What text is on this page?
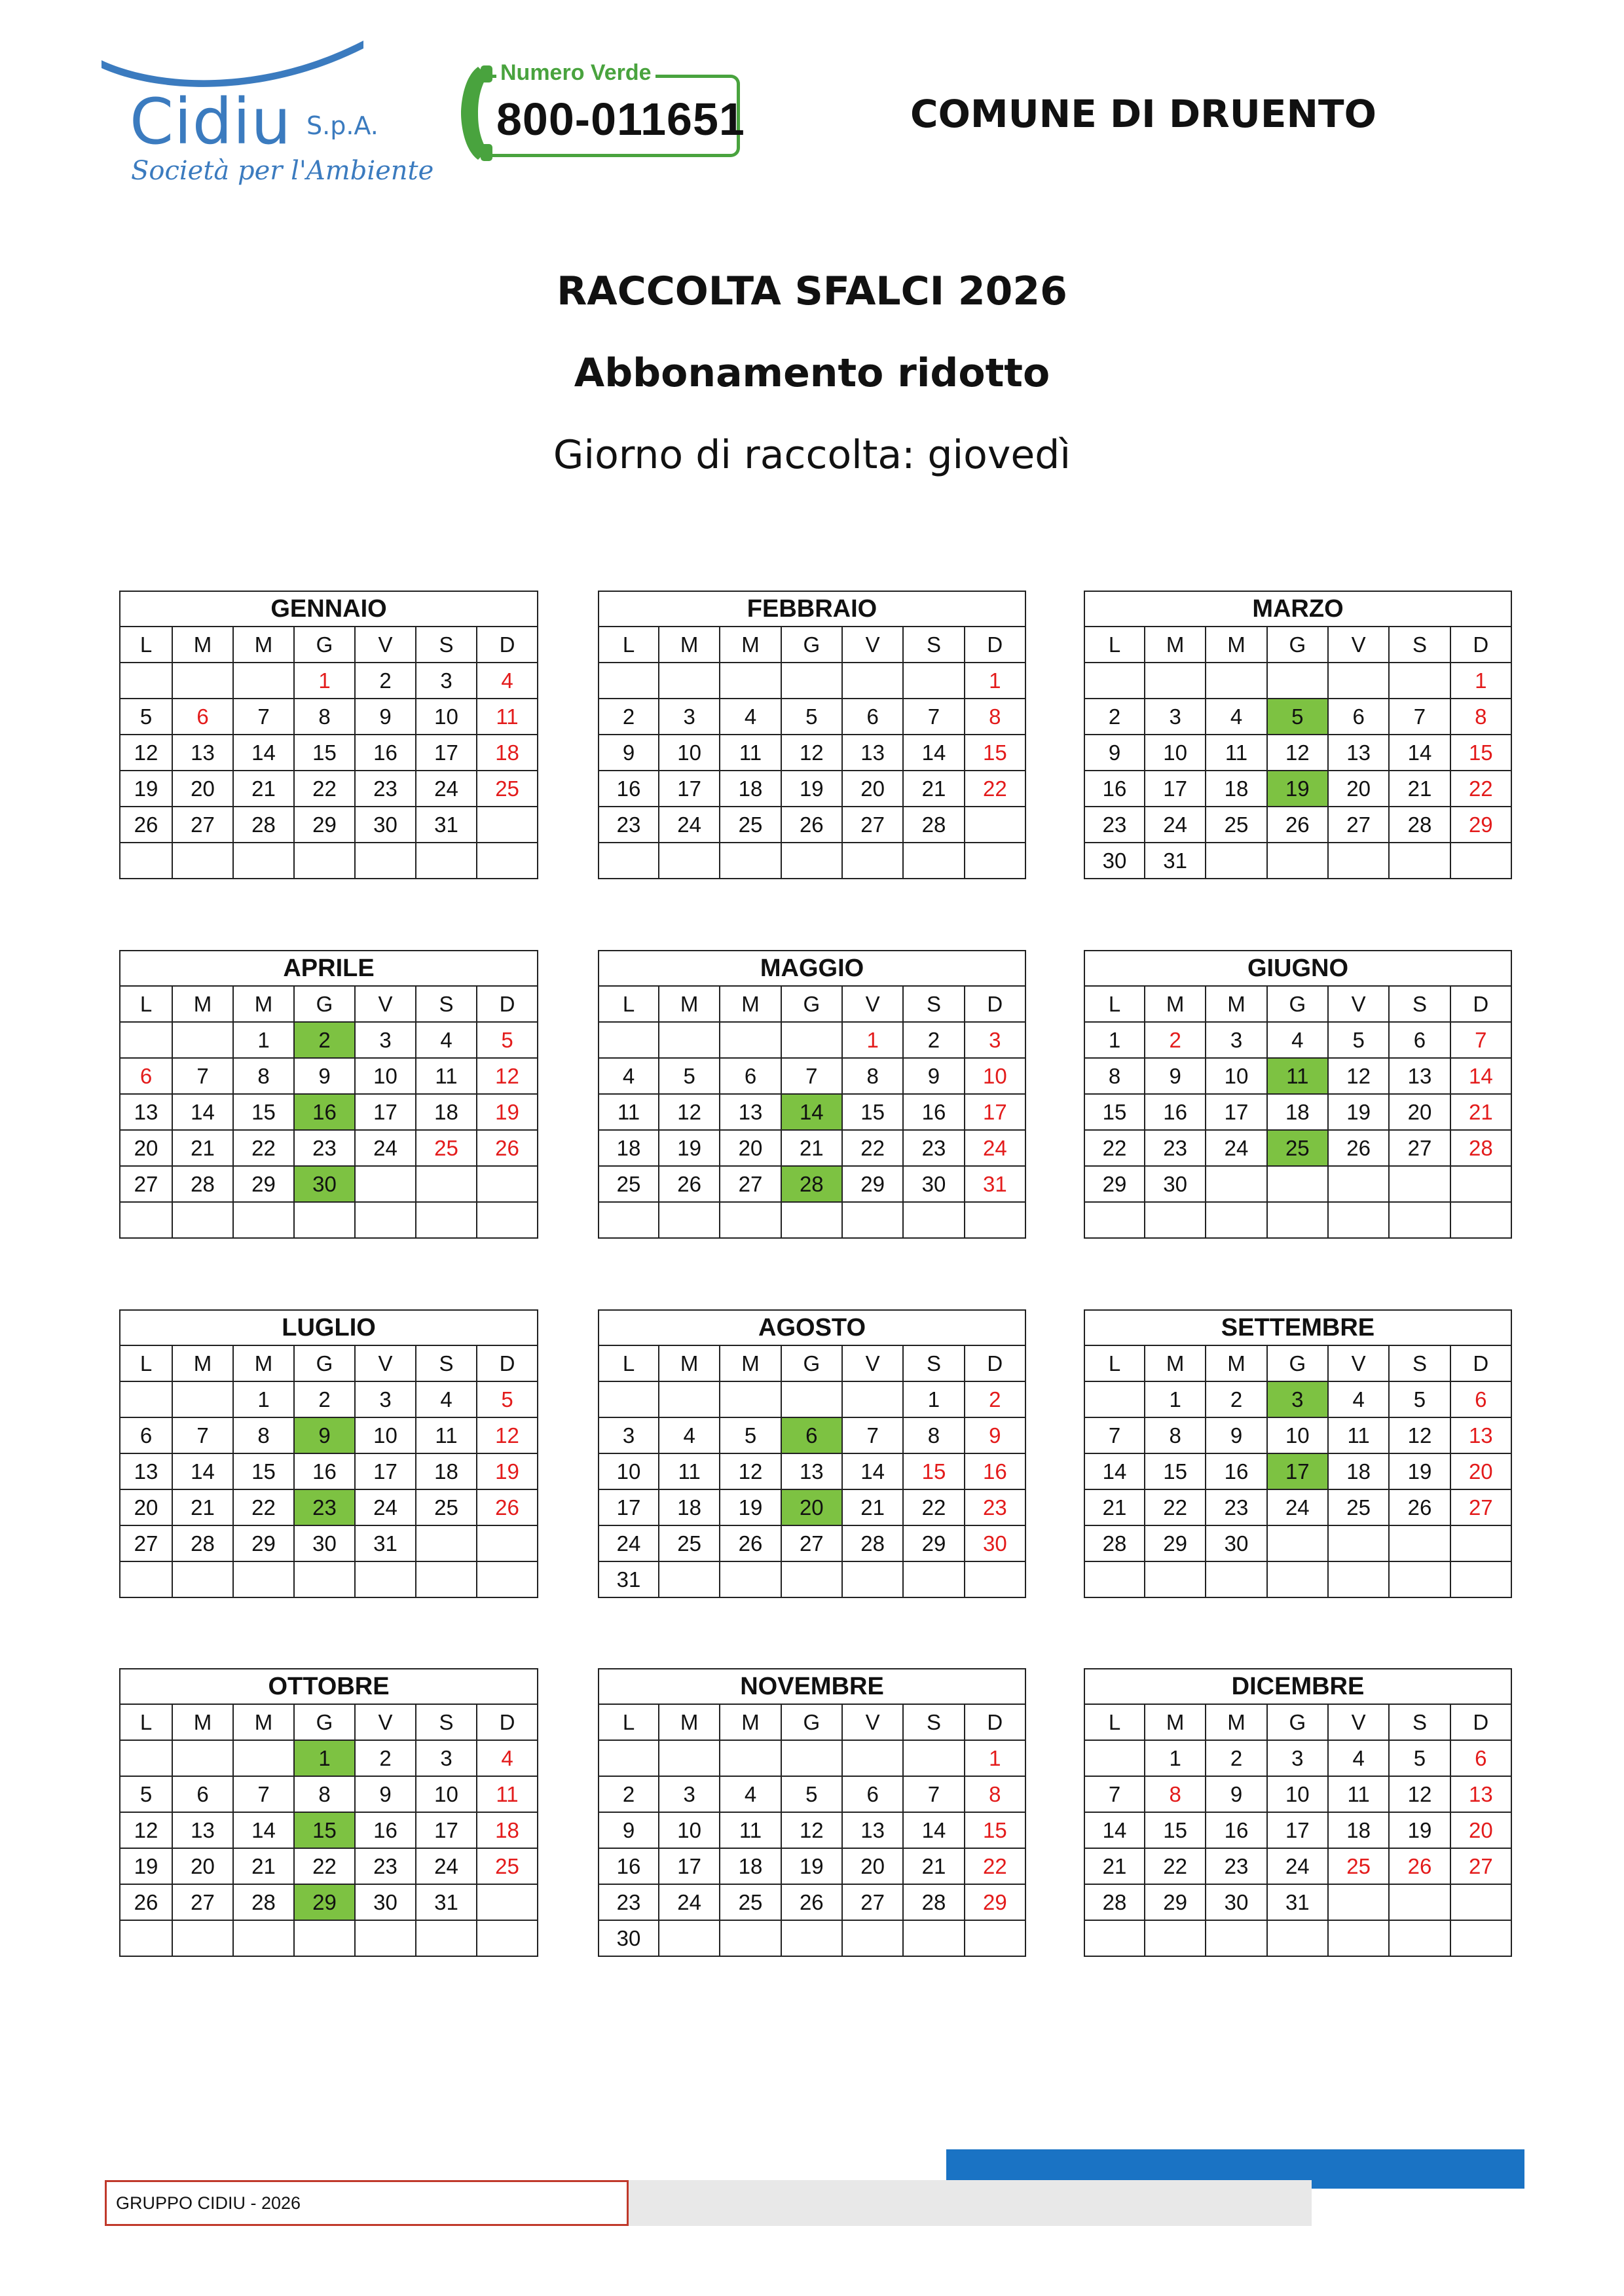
Cidiu S.p.A.
Società per l'Ambiente
Numero Verde
800-011651	COMUNE DI DRUENTO
RACCOLTA SFALCI 2026
Abbonamento ridotto
Giorno di raccolta: giovedì
GENNAIO						
L	M	M	G	V	S	D
			1	2	3	4
5	6	7	8	9	10	11
12	13	14	15	16	17	18
19	20	21	22	23	24	25
26	27	28	29	30	31	

FEBBRAIO						
L	M	M	G	V	S	D
						1
2	3	4	5	6	7	8
9	10	11	12	13	14	15
16	17	18	19	20	21	22
23	24	25	26	27	28	

MARZO						
L	M	M	G	V	S	D
						1
2	3	4	5	6	7	8
9	10	11	12	13	14	15
16	17	18	19	20	21	22
23	24	25	26	27	28	29
30	31					
APRILE						
L	M	M	G	V	S	D
		1	2	3	4	5
6	7	8	9	10	11	12
13	14	15	16	17	18	19
20	21	22	23	24	25	26
27	28	29	30			

MAGGIO						
L	M	M	G	V	S	D
				1	2	3
4	5	6	7	8	9	10
11	12	13	14	15	16	17
18	19	20	21	22	23	24
25	26	27	28	29	30	31

GIUGNO						
L	M	M	G	V	S	D
1	2	3	4	5	6	7
8	9	10	11	12	13	14
15	16	17	18	19	20	21
22	23	24	25	26	27	28
29	30					

LUGLIO						
L	M	M	G	V	S	D
		1	2	3	4	5
6	7	8	9	10	11	12
13	14	15	16	17	18	19
20	21	22	23	24	25	26
27	28	29	30	31		

AGOSTO						
L	M	M	G	V	S	D
					1	2
3	4	5	6	7	8	9
10	11	12	13	14	15	16
17	18	19	20	21	22	23
24	25	26	27	28	29	30
31						
SETTEMBRE						
L	M	M	G	V	S	D
	1	2	3	4	5	6
7	8	9	10	11	12	13
14	15	16	17	18	19	20
21	22	23	24	25	26	27
28	29	30				

OTTOBRE						
L	M	M	G	V	S	D
			1	2	3	4
5	6	7	8	9	10	11
12	13	14	15	16	17	18
19	20	21	22	23	24	25
26	27	28	29	30	31	

NOVEMBRE						
L	M	M	G	V	S	D
						1
2	3	4	5	6	7	8
9	10	11	12	13	14	15
16	17	18	19	20	21	22
23	24	25	26	27	28	29
30						
DICEMBRE						
L	M	M	G	V	S	D
	1	2	3	4	5	6
7	8	9	10	11	12	13
14	15	16	17	18	19	20
21	22	23	24	25	26	27
28	29	30	31			

GRUPPO CIDIU - 2026
